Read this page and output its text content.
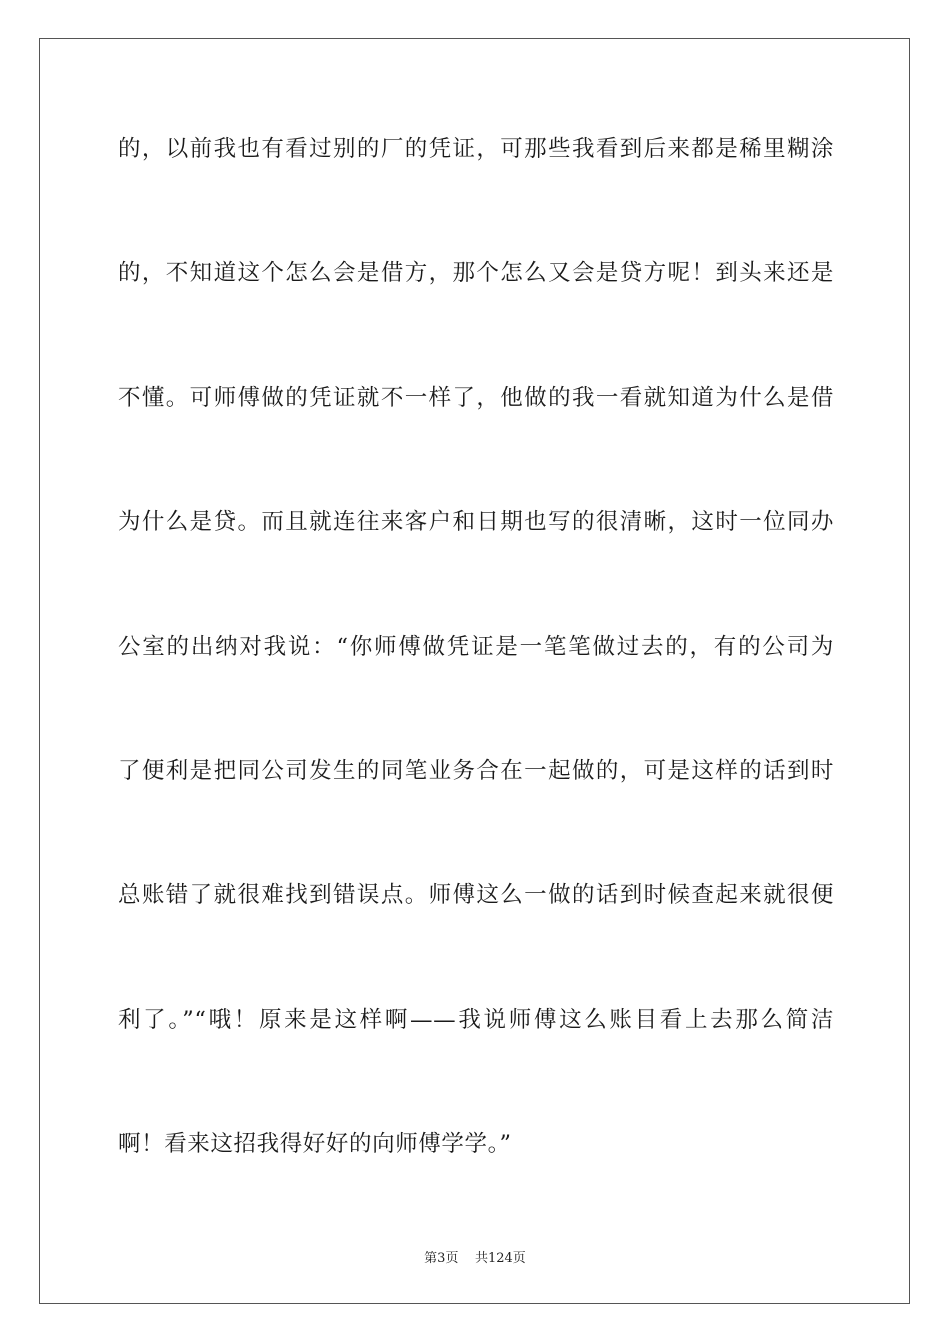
的，以前我也有看过别的厂的凭证，可那些我看到后来都是稀里糊涂
的，不知道这个怎么会是借方，那个怎么又会是贷方呢！到头来还是
不懂。可师傅做的凭证就不一样了，他做的我一看就知道为什么是借
为什么是贷。而且就连往来客户和日期也写的很清晰，这时一位同办
公室的出纳对我说：“你师傅做凭证是一笔笔做过去的，有的公司为
了便利是把同公司发生的同笔业务合在一起做的，可是这样的话到时
总账错了就很难找到错误点。师傅这么一做的话到时候查起来就很便
利了。”“哦！原来是这样啊——我说师傅这么账目看上去那么简洁
啊！看来这招我得好好的向师傅学学。”
第3页 共124页
